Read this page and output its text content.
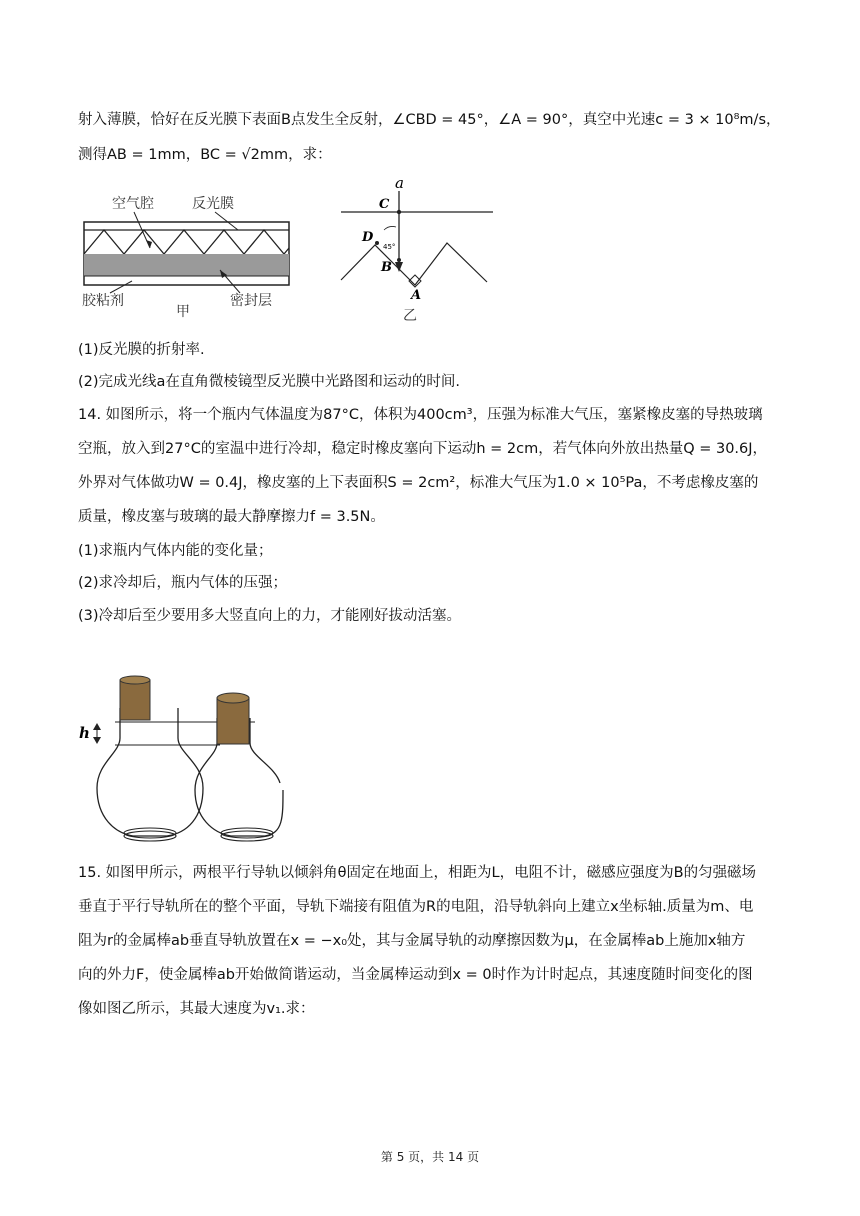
射入薄膜，恰好在反光膜下表面B点发生全反射，∠CBD = 45°，∠A = 90°，真空中光速c = 3 × 10⁸m/s，
测得AB = 1mm，BC = √2mm，求：
空气腔	反光膜
胶粘剂
甲
密封层
a
C
D
45°
B
A
乙
(1)反光膜的折射率.
(2)完成光线a在直角微棱镜型反光膜中光路图和运动的时间.
14. 如图所示，将一个瓶内气体温度为87°C，体积为400cm³，压强为标准大气压，塞紧橡皮塞的导热玻璃
空瓶，放入到27°C的室温中进行冷却，稳定时橡皮塞向下运动h = 2cm，若气体向外放出热量Q = 30.6J，
外界对气体做功W = 0.4J，橡皮塞的上下表面积S = 2cm²，标准大气压为1.0 × 10⁵Pa，不考虑橡皮塞的
质量，橡皮塞与玻璃的最大静摩擦力f = 3.5N。
(1)求瓶内气体内能的变化量；
(2)求冷却后，瓶内气体的压强；
(3)冷却后至少要用多大竖直向上的力，才能刚好拔动活塞。
h
15. 如图甲所示，两根平行导轨以倾斜角θ固定在地面上，相距为L，电阻不计，磁感应强度为B的匀强磁场
垂直于平行导轨所在的整个平面，导轨下端接有阻值为R的电阻，沿导轨斜向上建立x坐标轴.质量为m、电
阻为r的金属棒ab垂直导轨放置在x = −x₀处，其与金属导轨的动摩擦因数为μ，在金属棒ab上施加x轴方
向的外力F，使金属棒ab开始做简谐运动，当金属棒运动到x = 0时作为计时起点，其速度随时间变化的图
像如图乙所示，其最大速度为v₁.求：
第 5 页，共 14 页
